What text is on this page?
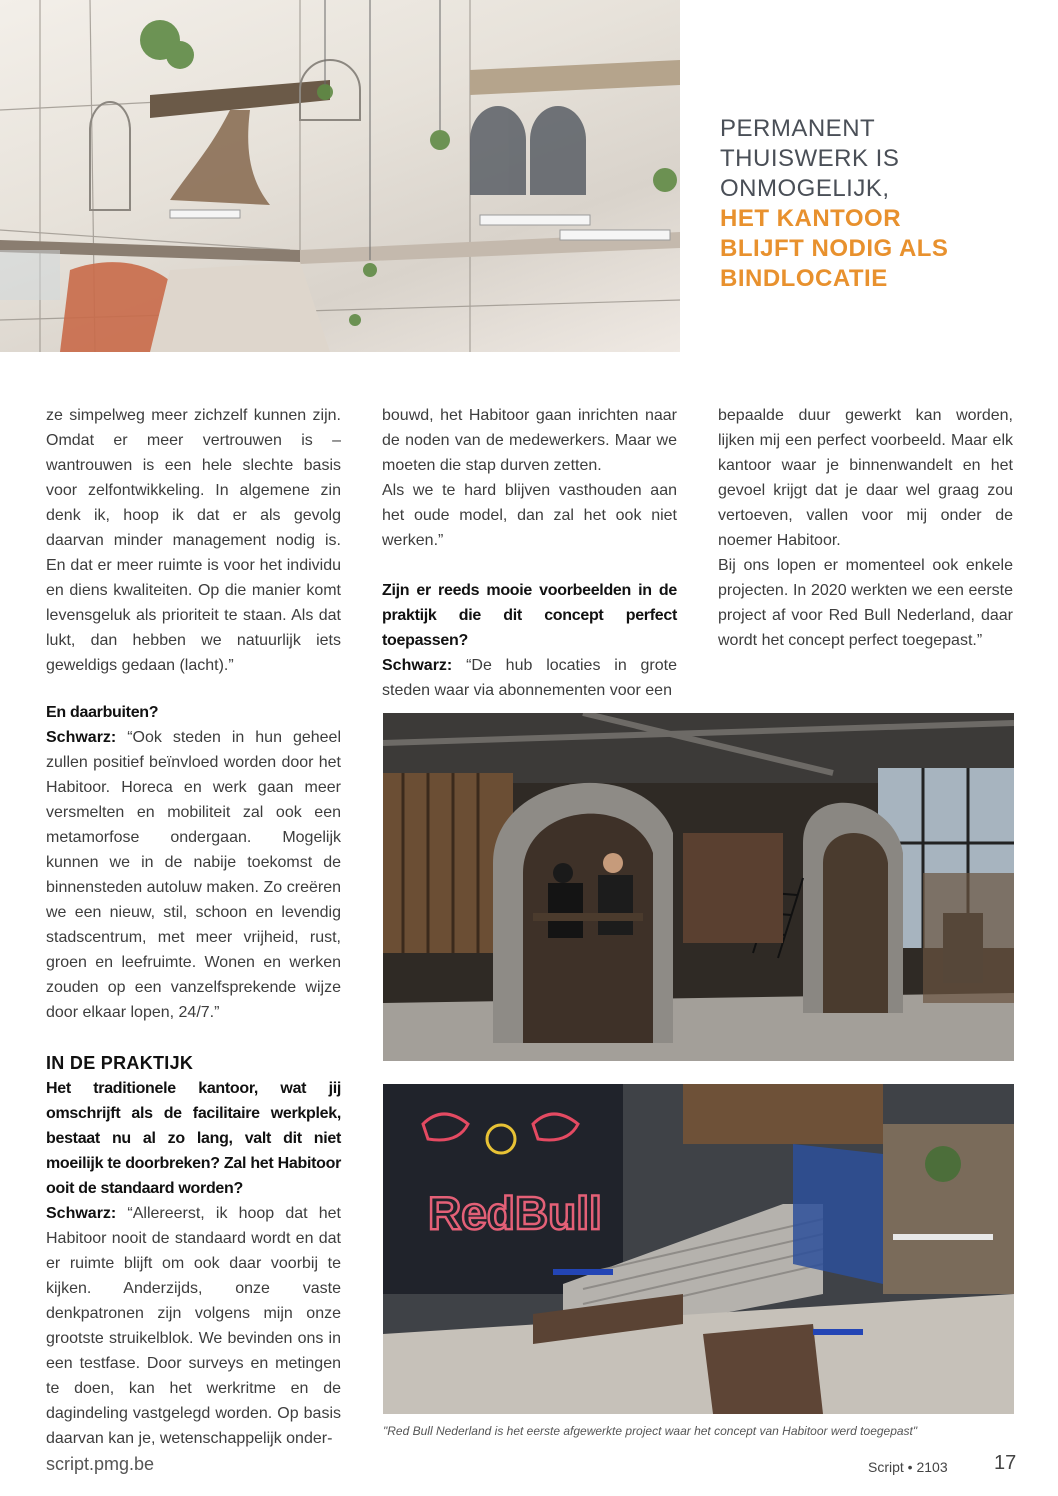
PERMANENT
THUISWERK IS
ONMOGELIJK,
HET KANTOOR
BLIJFT NODIG ALS
BINDLOCATIE

ze simpelweg meer zichzelf kunnen zijn. Omdat er meer vertrouwen is – wantrouwen is een hele slechte basis voor zelfontwikkeling. In algemene zin denk ik, hoop ik dat er als gevolg daarvan minder management nodig is. En dat er meer ruimte is voor het individu en diens kwaliteiten. Op die manier komt levensgeluk als prioriteit te staan. Als dat lukt, dan hebben we natuurlijk iets geweldigs gedaan (lacht).”

En daarbuiten?

Schwarz: “Ook steden in hun geheel zullen positief beïnvloed worden door het Habitoor. Horeca en werk gaan meer versmelten en mobiliteit zal ook een metamorfose ondergaan. Mogelijk kunnen we in de nabije toekomst de binnensteden autoluw maken. Zo creëren we een nieuw, stil, schoon en levendig stadscentrum, met meer vrijheid, rust, groen en leefruimte. Wonen en werken zouden op een vanzelfsprekende wijze door elkaar lopen, 24/7.”

IN DE PRAKTIJK

Het traditionele kantoor, wat jij omschrijft als de facilitaire werkplek, bestaat nu al zo lang, valt dit niet moeilijk te doorbreken? Zal het Habitoor ooit de standaard worden?

Schwarz: “Allereerst, ik hoop dat het Habitoor nooit de standaard wordt en dat er ruimte blijft om ook daar voorbij te kijken. Anderzijds, onze vaste denkpatronen zijn volgens mijn onze grootste struikelblok. We bevinden ons in een testfase. Door surveys en metingen te doen, kan het werkritme en de dagindeling vastgelegd worden. Op basis daarvan kan je, wetenschappelijk onder-

bouwd, het Habitoor gaan inrichten naar de noden van de medewerkers. Maar we moeten die stap durven zetten.

Als we te hard blijven vasthouden aan het oude model, dan zal het ook niet werken.”

Zijn er reeds mooie voorbeelden in de praktijk die dit concept perfect toepassen?

Schwarz: “De hub locaties in grote steden waar via abonnementen voor een

bepaalde duur gewerkt kan worden, lijken mij een perfect voorbeeld. Maar elk kantoor waar je binnenwandelt en het gevoel krijgt dat je daar wel graag zou vertoeven, vallen voor mij onder de noemer Habitoor.

Bij ons lopen er momenteel ook enkele projecten. In 2020 werkten we een eerste project af voor Red Bull Nederland, daar wordt het concept perfect toegepast.”

RedBull
"Red Bull Nederland is het eerste afgewerkte project waar het concept van Habitoor werd toegepast"
script.pmg.be	Script • 2103 17
